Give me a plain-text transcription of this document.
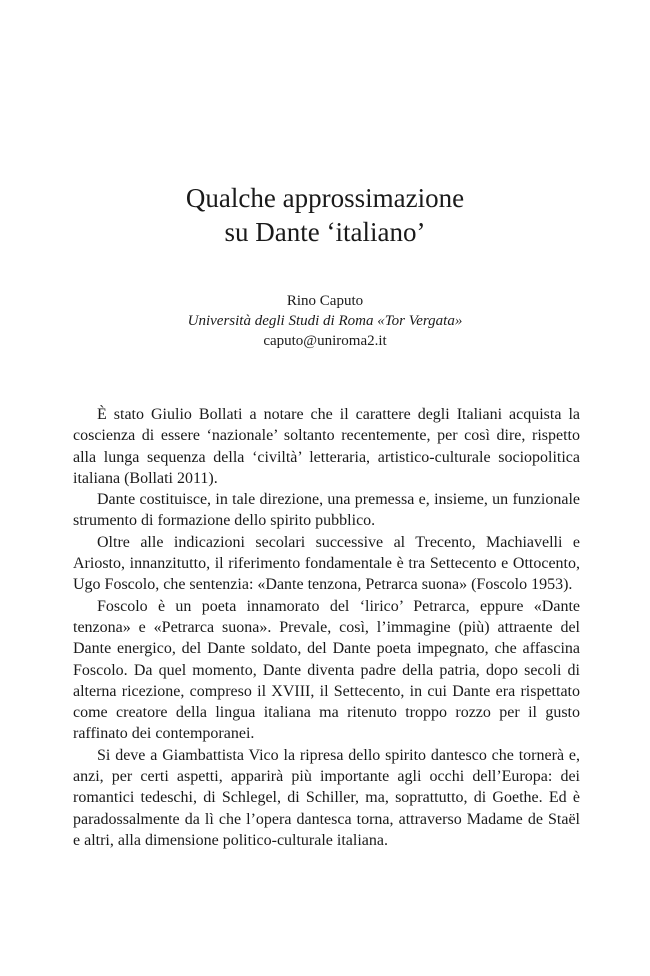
Qualche approssimazione
su Dante ‘italiano’
Rino Caputo
Università degli Studi di Roma «Tor Vergata»
caputo@uniroma2.it

È stato Giulio Bollati a notare che il carattere degli Italiani acquista la coscienza di essere ‘nazionale’ soltanto recentemente, per così dire, rispetto alla lunga sequenza della ‘civiltà’ letteraria, artistico-culturale sociopolitica italiana (Bollati 2011).

Dante costituisce, in tale direzione, una premessa e, insieme, un funzionale strumento di formazione dello spirito pubblico.

Oltre alle indicazioni secolari successive al Trecento, Machiavelli e Ariosto, innanzitutto, il riferimento fondamentale è tra Settecento e Ottocento, Ugo Foscolo, che sentenzia: «Dante tenzona, Petrarca suona» (Foscolo 1953).

Foscolo è un poeta innamorato del ‘lirico’ Petrarca, eppure «Dante tenzona» e «Petrarca suona». Prevale, così, l’immagine (più) attraente del Dante energico, del Dante soldato, del Dante poeta impegnato, che affascina Foscolo. Da quel momento, Dante diventa padre della patria, dopo secoli di alterna ricezione, compreso il XVIII, il Settecento, in cui Dante era rispettato come creatore della lingua italiana ma ritenuto troppo rozzo per il gusto raffinato dei contemporanei.

Si deve a Giambattista Vico la ripresa dello spirito dantesco che tornerà e, anzi, per certi aspetti, apparirà più importante agli occhi dell’Europa: dei romantici tedeschi, di Schlegel, di Schiller, ma, soprattutto, di Goethe. Ed è paradossalmente da lì che l’opera dantesca torna, attraverso Madame de Staël e altri, alla dimensione politico-culturale italiana.
